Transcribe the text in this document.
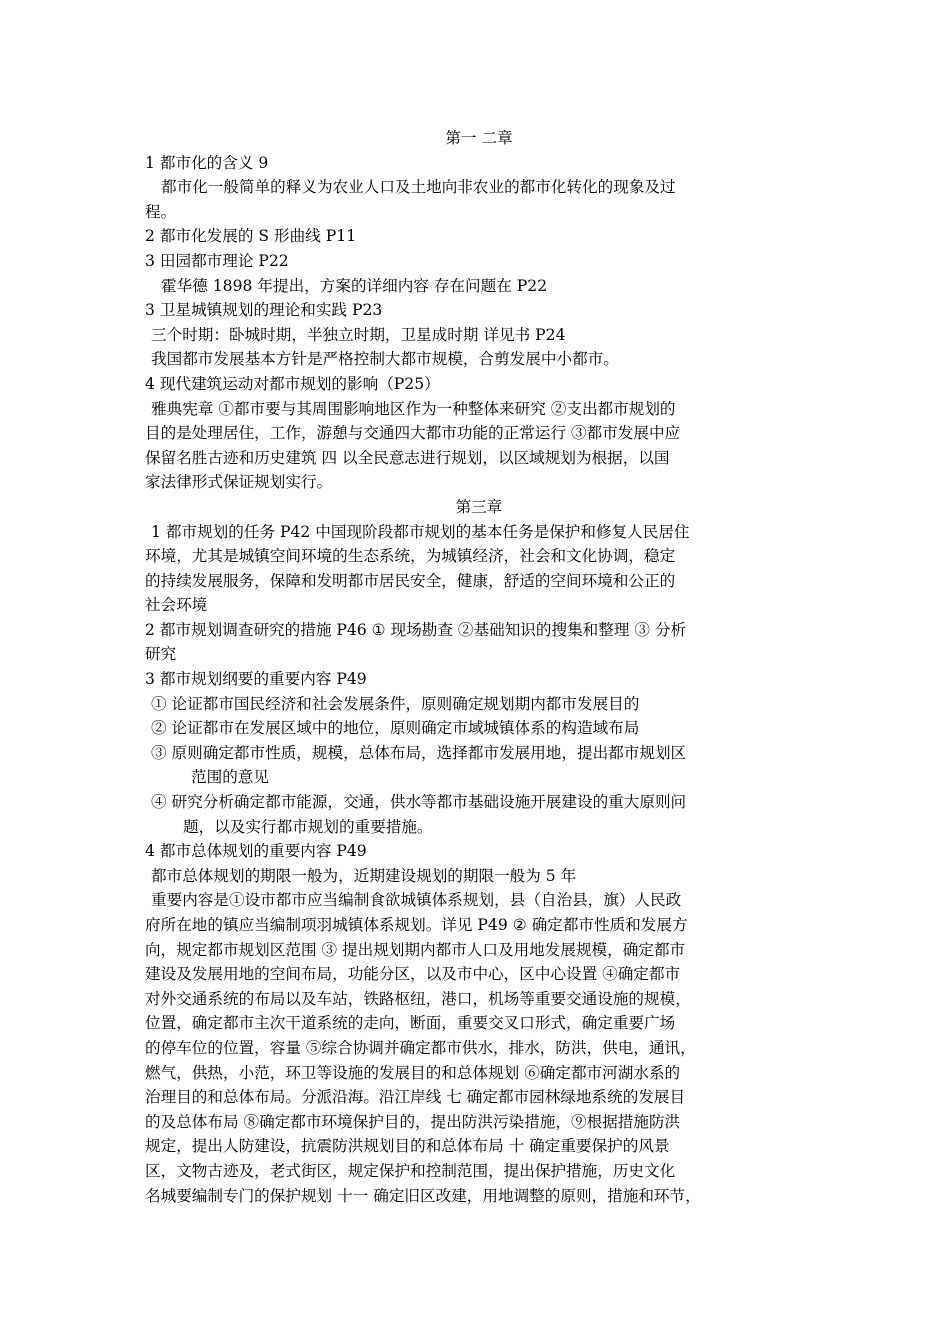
第一 二章

1 都市化的含义 9

都市化一般简单的释义为农业人口及土地向非农业的都市化转化的现象及过

程。

2 都市化发展的 S 形曲线 P11

3 田园都市理论 P22

霍华德 1898 年提出，方案的详细内容 存在问题在 P22

3 卫星城镇规划的理论和实践 P23

三个时期：卧城时期，半独立时期，卫星成时期 详见书 P24

我国都市发展基本方针是严格控制大都市规模，合剪发展中小都市。

4 现代建筑运动对都市规划的影响（P25）

雅典宪章 ①都市要与其周围影响地区作为一种整体来研究 ②支出都市规划的

目的是处理居住，工作，游憩与交通四大都市功能的正常运行 ③都市发展中应

保留名胜古迹和历史建筑 四 以全民意志进行规划，以区域规划为根据，以国

家法律形式保证规划实行。

第三章

1 都市规划的任务 P42 中国现阶段都市规划的基本任务是保护和修复人民居住

环境，尤其是城镇空间环境的生态系统，为城镇经济，社会和文化协调，稳定

的持续发展服务，保障和发明都市居民安全，健康，舒适的空间环境和公正的

社会环境

2 都市规划调查研究的措施 P46 ① 现场勘查 ②基础知识的搜集和整理 ③ 分析

研究

3 都市规划纲要的重要内容 P49

① 论证都市国民经济和社会发展条件，原则确定规划期内都市发展目的

② 论证都市在发展区域中的地位，原则确定市域城镇体系的构造域布局

③ 原则确定都市性质，规模，总体布局，选择都市发展用地，提出都市规划区

范围的意见

④ 研究分析确定都市能源，交通，供水等都市基础设施开展建设的重大原则问

题，以及实行都市规划的重要措施。

4 都市总体规划的重要内容 P49

都市总体规划的期限一般为，近期建设规划的期限一般为 5 年

重要内容是①设市都市应当编制食欲城镇体系规划，县（自治县，旗）人民政

府所在地的镇应当编制项羽城镇体系规划。详见 P49 ② 确定都市性质和发展方

向，规定都市规划区范围 ③ 提出规划期内都市人口及用地发展规模，确定都市

建设及发展用地的空间布局，功能分区，以及市中心，区中心设置 ④确定都市

对外交通系统的布局以及车站，铁路枢纽，港口，机场等重要交通设施的规模，

位置，确定都市主次干道系统的走向，断面，重要交叉口形式，确定重要广场

的停车位的位置，容量 ⑤综合协调并确定都市供水，排水，防洪，供电，通讯，

燃气，供热，小范，环卫等设施的发展目的和总体规划 ⑥确定都市河湖水系的

治理目的和总体布局。分派沿海。沿江岸线 七 确定都市园林绿地系统的发展目

的及总体布局 ⑧确定都市环境保护目的，提出防洪污染措施，⑨根据措施防洪

规定，提出人防建设，抗震防洪规划目的和总体布局 十 确定重要保护的风景

区，文物古迹及，老式街区，规定保护和控制范围，提出保护措施，历史文化

名城要编制专门的保护规划 十一 确定旧区改建，用地调整的原则，措施和环节，
